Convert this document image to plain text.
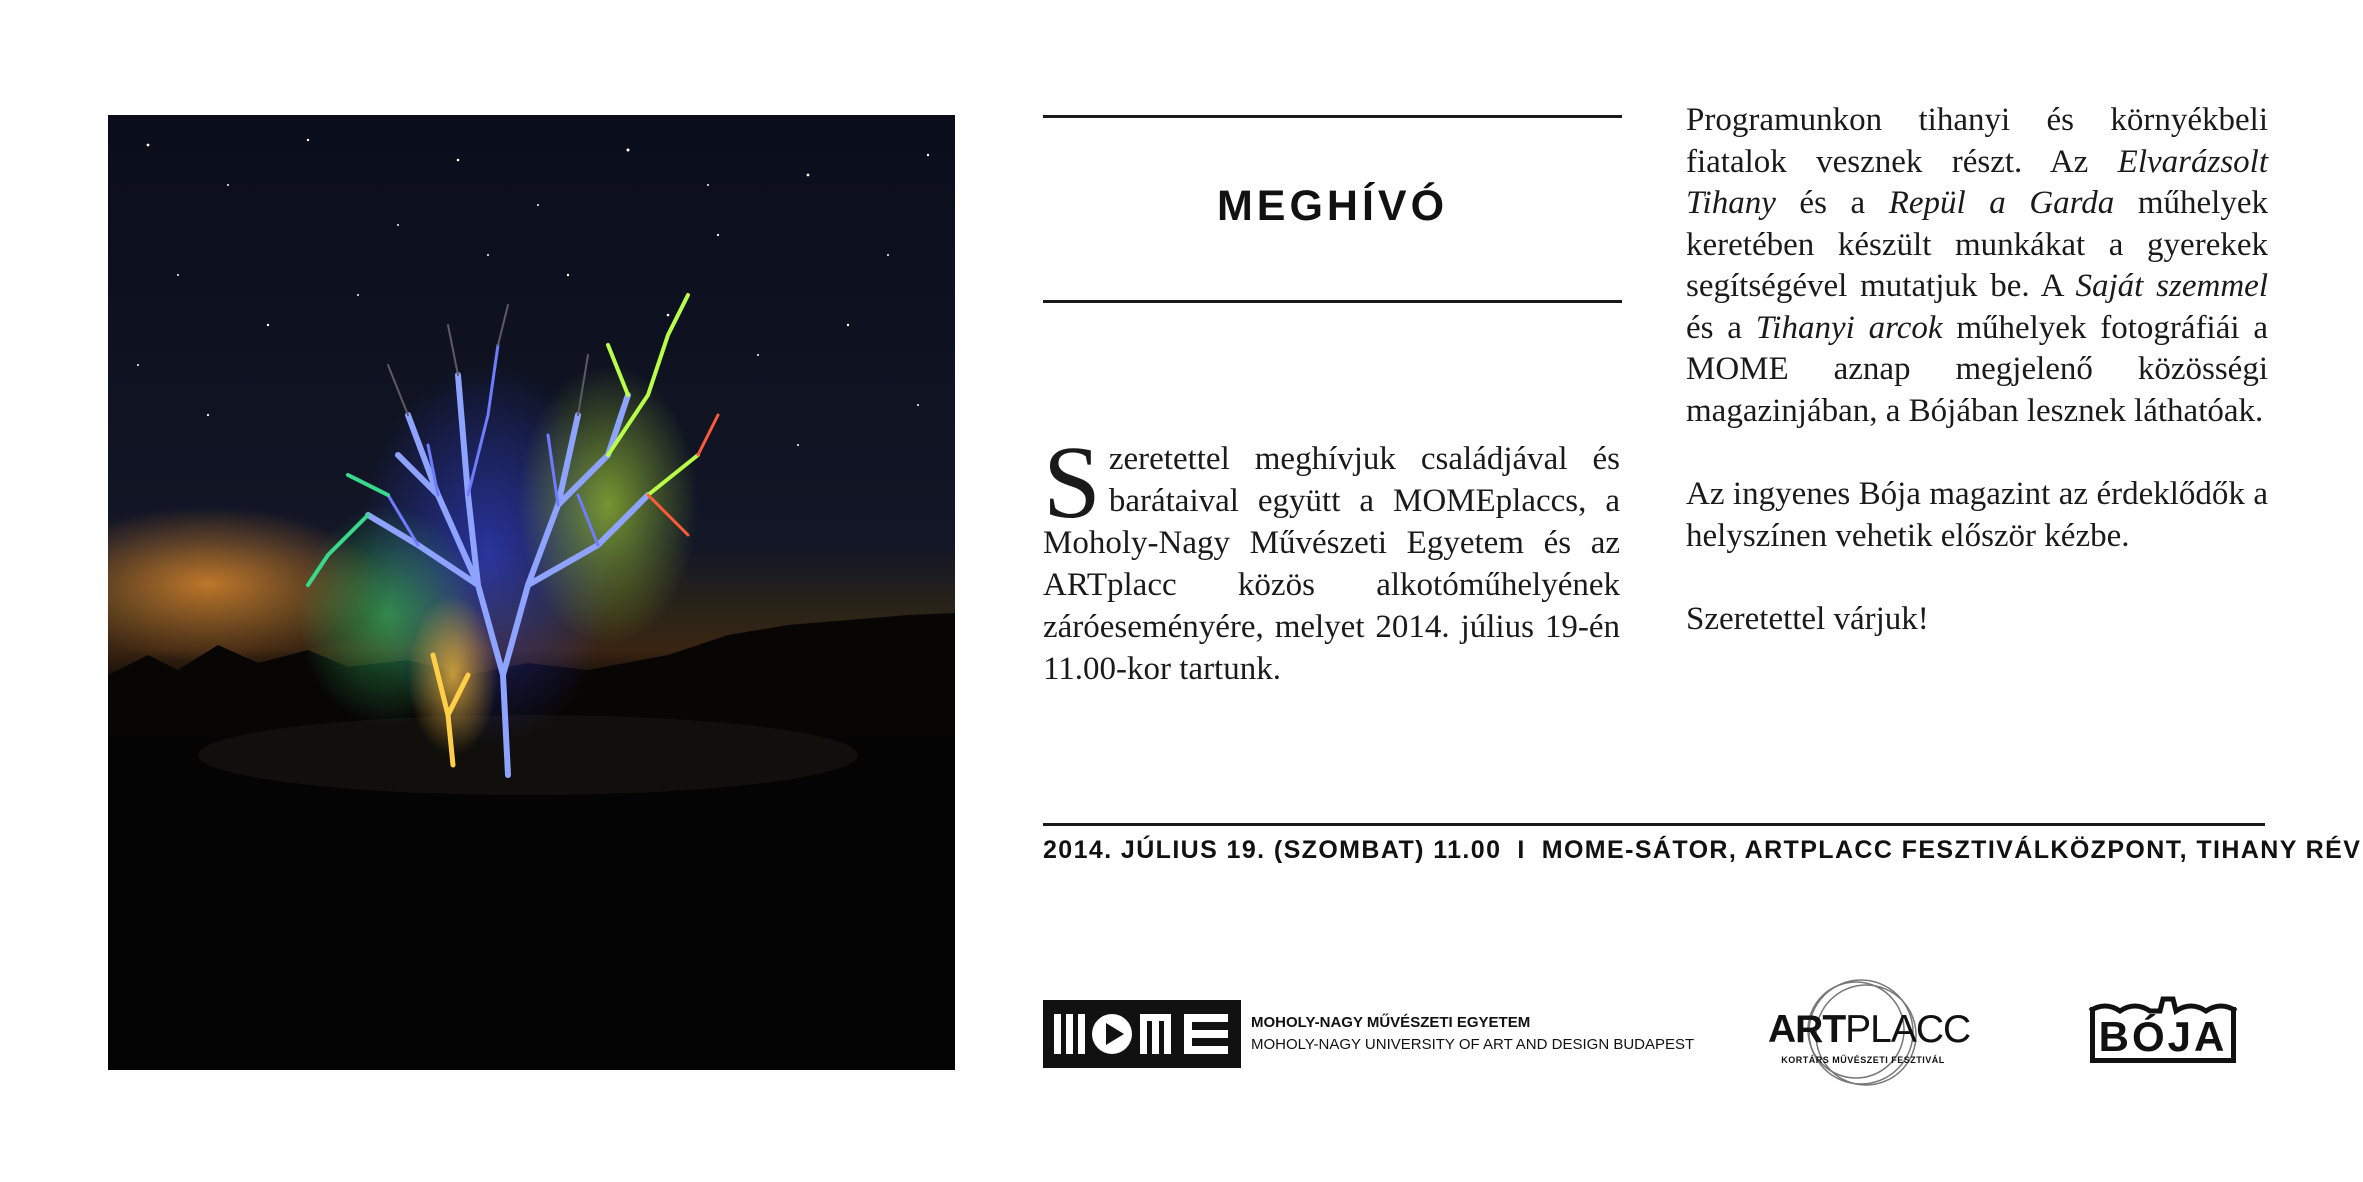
MEGHÍVÓ
Szeretettel meghívjuk családjával és barátaival együtt a MOMEplaccs, a Moholy-Nagy Művészeti Egyetem és az ARTplacc közös alkotóműhelyének záróeseményére, melyet 2014. július 19-én 11.00-kor tartunk.

Programunkon tihanyi és környékbeli fiatalok vesznek részt. Az Elvarázsolt Tihany és a Repül a Garda műhelyek keretében készült munkákat a gyerekek segítségével mutatjuk be. A Saját szemmel és a Tihanyi arcok műhelyek fotográfiái a MOME aznap megjelenő közösségi magazinjában, a Bójában lesznek láthatóak.

Az ingyenes Bója magazint az érdeklődők a helyszínen vehetik először kézbe.

Szeretettel várjuk!

2014. JÚLIUS 19. (SZOMBAT) 11.00 I MOME-SÁTOR, ARTPLACC FESZTIVÁLKÖZPONT, TIHANY RÉV
MOHOLY-NAGY MŰVÉSZETI EGYETEM
MOHOLY-NAGY UNIVERSITY OF ART AND DESIGN BUDAPEST ARTPLACC
KORTÁRS MŰVÉSZETI FESZTIVÁL	BÓJA
